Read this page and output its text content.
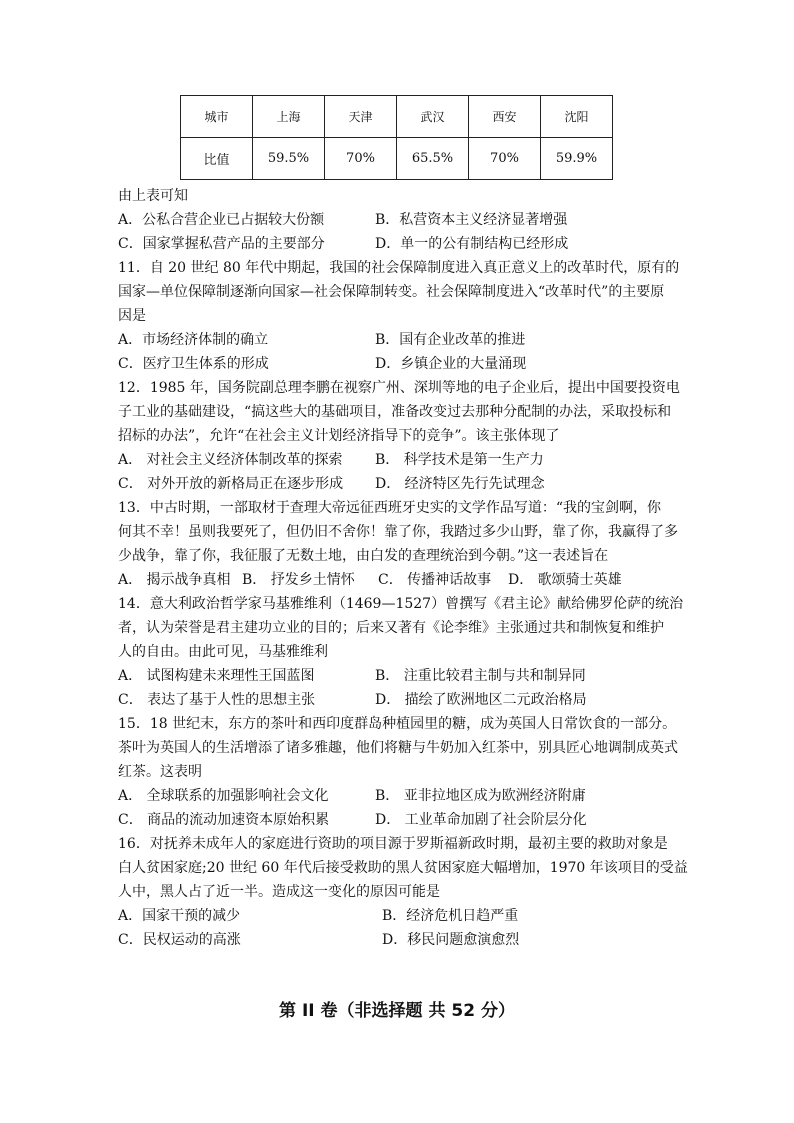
城市	上海	天津	武汉	西安	沈阳
比值	59.5%	70%	65.5%	70%	59.9%
由上表可知
A．公私合营企业已占据较大份额	B．私营资本主义经济显著增强
C．国家掌握私营产品的主要部分	D．单一的公有制结构已经形成
11．自 20 世纪 80 年代中期起，我国的社会保障制度进入真正意义上的改革时代，原有的
国家—单位保障制逐渐向国家—社会保障制转变。社会保障制度进入“改革时代”的主要原
因是
A．市场经济体制的确立	B．国有企业改革的推进
C．医疗卫生体系的形成	D．乡镇企业的大量涌现
12．1985 年，国务院副总理李鹏在视察广州、深圳等地的电子企业后，提出中国要投资电
子工业的基础建设，“搞这些大的基础项目，准备改变过去那种分配制的办法，采取投标和
招标的办法”，允许“在社会主义计划经济指导下的竞争”。该主张体现了
A． 对社会主义经济体制改革的探索 B． 科学技术是第一生产力
C． 对外开放的新格局正在逐步形成 D． 经济特区先行先试理念
13．中古时期，一部取材于查理大帝远征西班牙史实的文学作品写道：“我的宝剑啊，你
何其不幸！虽则我要死了，但仍旧不舍你！靠了你，我踏过多少山野，靠了你，我赢得了多
少战争，靠了你，我征服了无数土地，由白发的查理统治到今朝。”这一表述旨在
A． 揭示战争真相 B． 抒发乡土情怀 C． 传播神话故事 D． 歌颂骑士英雄
14．意大利政治哲学家马基雅维利（1469—1527）曾撰写《君主论》献给佛罗伦萨的统治
者，认为荣誉是君主建功立业的目的；后来又著有《论李维》主张通过共和制恢复和维护
人的自由。由此可见，马基雅维利
A． 试图构建未来理性王国蓝图	B． 注重比较君主制与共和制异同
C． 表达了基于人性的思想主张	D． 描绘了欧洲地区二元政治格局
15．18 世纪末，东方的茶叶和西印度群岛种植园里的糖，成为英国人日常饮食的一部分。
茶叶为英国人的生活增添了诸多雅趣，他们将糖与牛奶加入红茶中，别具匠心地调制成英式
红茶。这表明
A． 全球联系的加强影响社会文化	B． 亚非拉地区成为欧洲经济附庸
C． 商品的流动加速资本原始积累	D． 工业革命加剧了社会阶层分化
16．对抚养未成年人的家庭进行资助的项目源于罗斯福新政时期，最初主要的救助对象是
白人贫困家庭;20 世纪 60 年代后接受救助的黑人贫困家庭大幅增加，1970 年该项目的受益
人中，黑人占了近一半。造成这一变化的原因可能是
A．国家干预的减少	B．经济危机日趋严重
C．民权运动的高涨	D．移民问题愈演愈烈
第 II 卷（非选择题 共 52 分）
